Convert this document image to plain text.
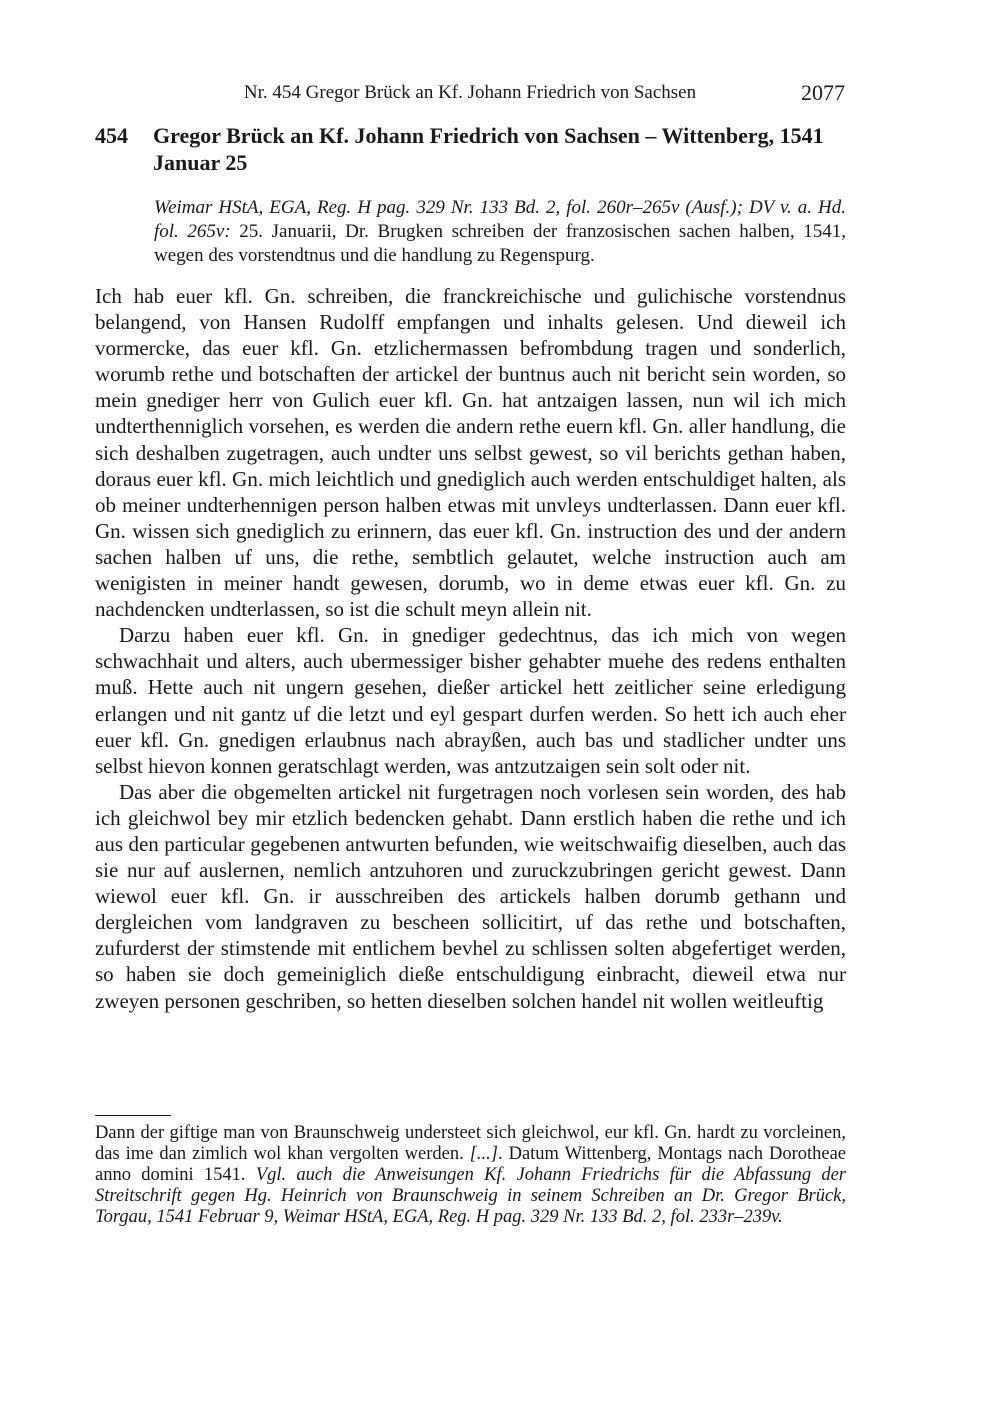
Nr. 454 Gregor Brück an Kf. Johann Friedrich von Sachsen	2077
454 Gregor Brück an Kf. Johann Friedrich von Sachsen – Wittenberg, 1541 Januar 25
Weimar HStA, EGA, Reg. H pag. 329 Nr. 133 Bd. 2, fol. 260r–265v (Ausf.); DV v. a. Hd. fol. 265v: 25. Januarii, Dr. Brugken schreiben der franzosischen sachen halben, 1541, wegen des vorstendtnus und die handlung zu Regenspurg.

Ich hab euer kfl. Gn. schreiben, die franckreichische und gulichische vorstendnus belangend, von Hansen Rudolff empfangen und inhalts gelesen. Und dieweil ich vormercke, das euer kfl. Gn. etzlichermassen befrombdung tragen und sonderlich, worumb rethe und botschaften der artickel der buntnus auch nit bericht sein worden, so mein gnediger herr von Gulich euer kfl. Gn. hat antzaigen lassen, nun wil ich mich undterthenniglich vorsehen, es werden die andern rethe euern kfl. Gn. aller handlung, die sich deshalben zugetragen, auch undter uns selbst gewest, so vil berichts gethan haben, doraus euer kfl. Gn. mich leichtlich und gnediglich auch werden entschuldiget halten, als ob meiner undterhennigen person halben etwas mit unvleys undterlassen. Dann euer kfl. Gn. wissen sich gnediglich zu erinnern, das euer kfl. Gn. instruction des und der andern sachen halben uf uns, die rethe, sembtlich gelautet, welche instruction auch am wenigisten in meiner handt gewesen, dorumb, wo in deme etwas euer kfl. Gn. zu nachdencken undterlassen, so ist die schult meyn allein nit.

Darzu haben euer kfl. Gn. in gnediger gedechtnus, das ich mich von wegen schwachhait und alters, auch ubermessiger bisher gehabter muehe des redens enthalten muß. Hette auch nit ungern gesehen, dießer artickel hett zeitlicher seine erledigung erlangen und nit gantz uf die letzt und eyl gespart durfen werden. So hett ich auch eher euer kfl. Gn. gnedigen erlaubnus nach abrayßen, auch bas und stadlicher undter uns selbst hievon konnen geratschlagt werden, was antzutzaigen sein solt oder nit.

Das aber die obgemelten artickel nit furgetragen noch vorlesen sein worden, des hab ich gleichwol bey mir etzlich bedencken gehabt. Dann erstlich haben die rethe und ich aus den particular gegebenen antwurten befunden, wie weitschwaifig dieselben, auch das sie nur auf auslernen, nemlich antzuhoren und zuruckzubringen gericht gewest. Dann wiewol euer kfl. Gn. ir ausschreiben des artickels halben dorumb gethann und dergleichen vom landgraven zu bescheen sollicitirt, uf das rethe und botschaften, zufurderst der stimstende mit entlichem bevhel zu schlissen solten abgefertiget werden, so haben sie doch gemeiniglich dieße entschuldigung einbracht, dieweil etwa nur zweyen personen geschriben, so hetten dieselben solchen handel nit wollen weitleuftig

Dann der giftige man von Braunschweig understeet sich gleichwol, eur kfl. Gn. hardt zu vorcleinen, das ime dan zimlich wol khan vergolten werden. [...]. Datum Wittenberg, Montags nach Dorotheae anno domini 1541. Vgl. auch die Anweisungen Kf. Johann Friedrichs für die Abfassung der Streitschrift gegen Hg. Heinrich von Braunschweig in seinem Schreiben an Dr. Gregor Brück, Torgau, 1541 Februar 9, Weimar HStA, EGA, Reg. H pag. 329 Nr. 133 Bd. 2, fol. 233r–239v.
